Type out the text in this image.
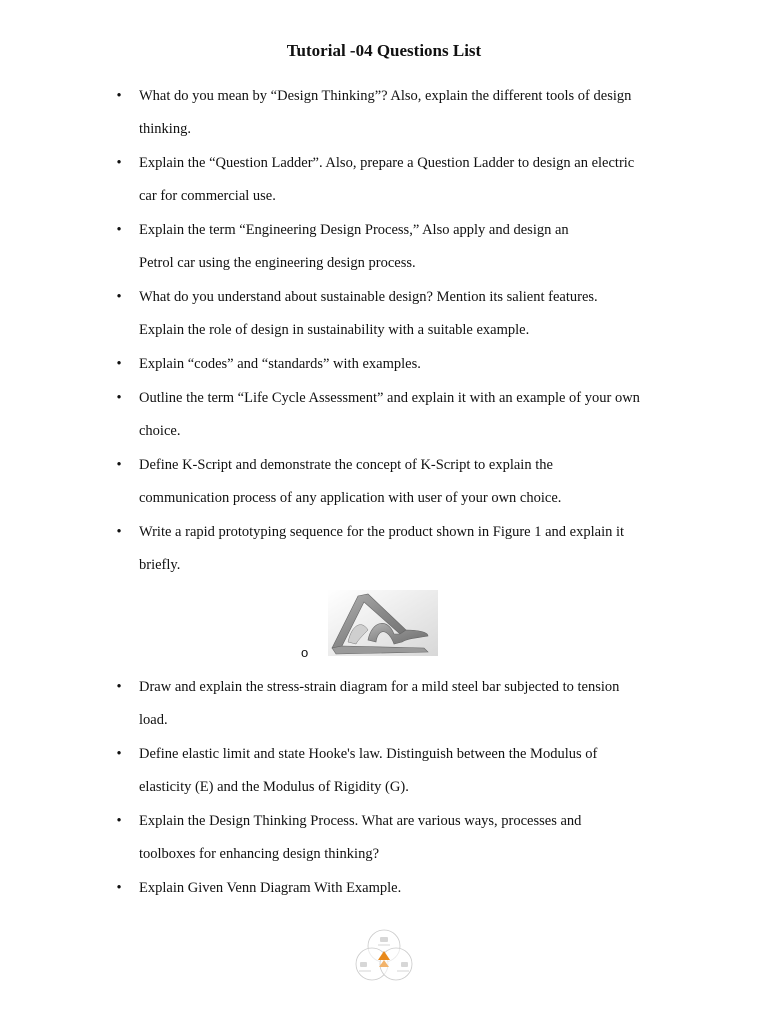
Tutorial -04 Questions List
•	What do you mean by “Design Thinking”? Also, explain the different tools of design
thinking.
•	Explain the “Question Ladder”. Also, prepare a Question Ladder to design an electric
car for commercial use.
•	Explain the term “Engineering Design Process,” Also apply and design an
Petrol car using the engineering design process.
•	What do you understand about sustainable design? Mention its salient features.
Explain the role of design in sustainability with a suitable example.
•	Explain “codes” and “standards” with examples.
•	Outline the term “Life Cycle Assessment” and explain it with an example of your own
choice.
•	Define K-Script and demonstrate the concept of K-Script to explain the
communication process of any application with user of your own choice.
•	Write a rapid prototyping sequence for the product shown in Figure 1 and explain it
briefly.
o
•	Draw and explain the stress-strain diagram for a mild steel bar subjected to tension
load.
•	Define elastic limit and state Hooke's law. Distinguish between the Modulus of
elasticity (E) and the Modulus of Rigidity (G).
•	Explain the Design Thinking Process. What are various ways, processes and
toolboxes for enhancing design thinking?
•	Explain Given Venn Diagram With Example.
